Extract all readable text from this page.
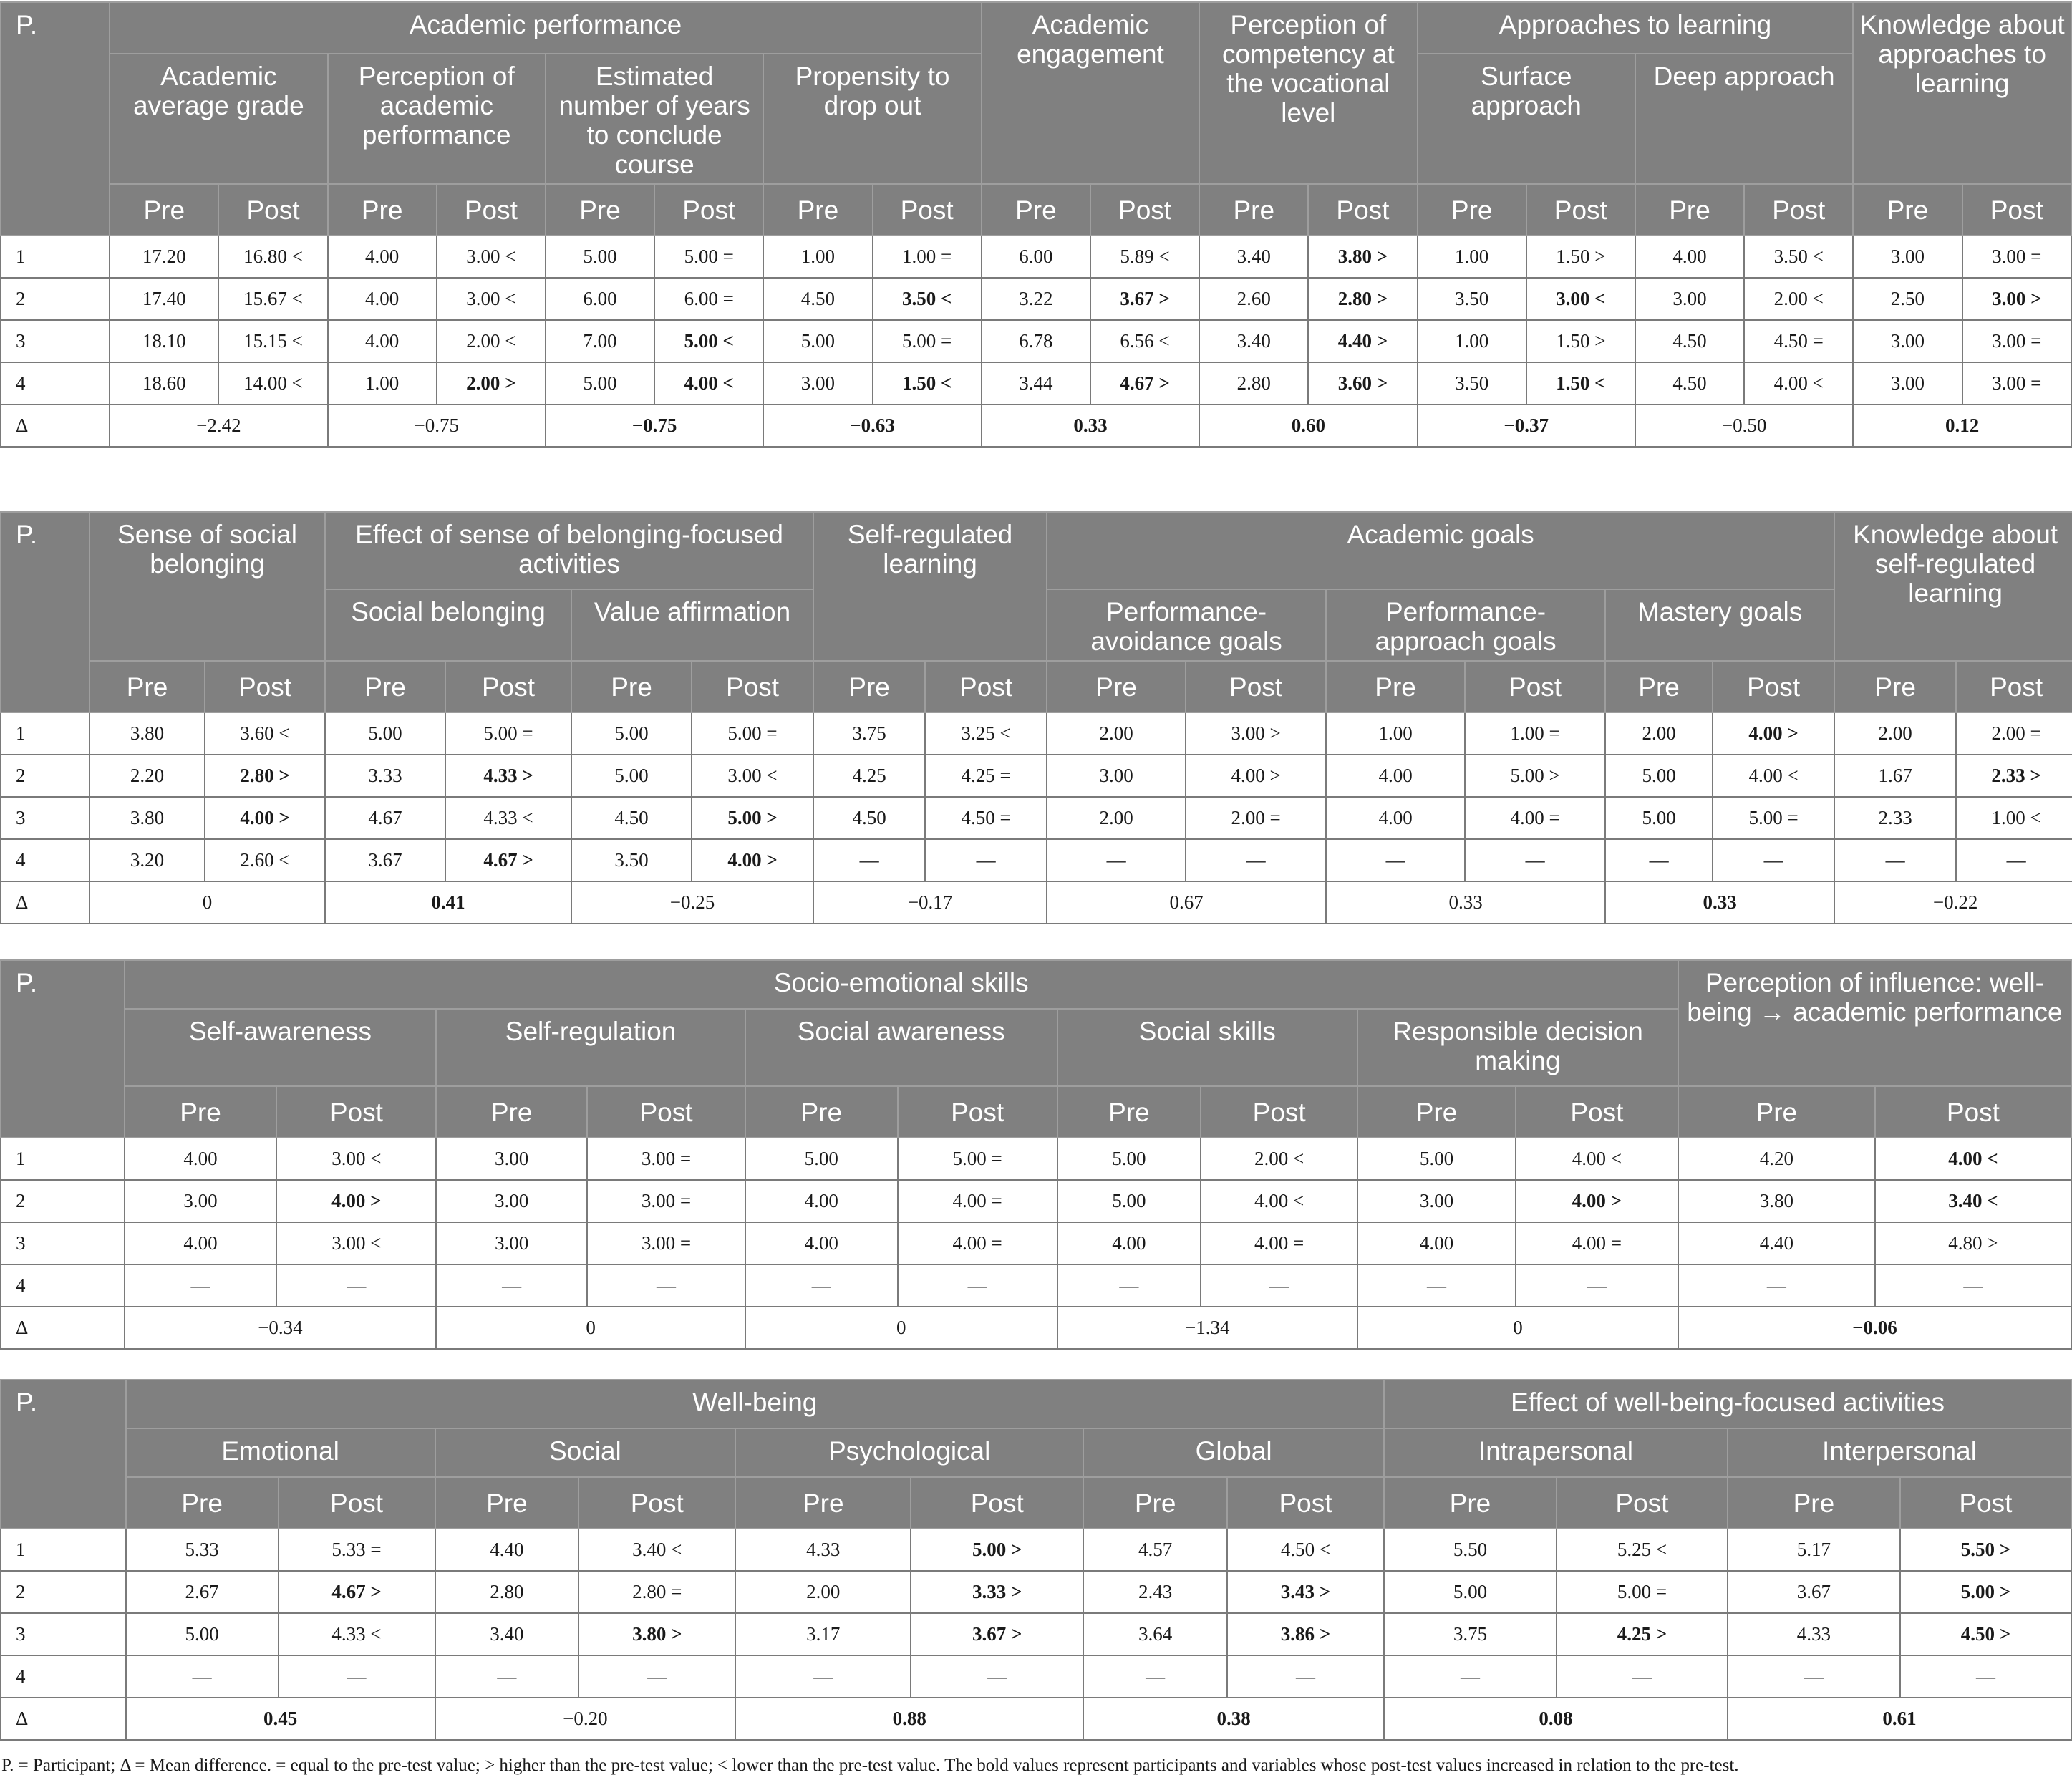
P.	Academic performance								Academic engagement		Perception of competency at the vocational level		Approaches to learning				Knowledge about approaches to learning	
	Academic average grade		Perception of academic performance		Estimated number of years to conclude course		Propensity to drop out						Surface approach		Deep approach			
	Pre	Post	Pre	Post	Pre	Post	Pre	Post	Pre	Post	Pre	Post	Pre	Post	Pre	Post	Pre	Post
1	17.20	16.80 <	4.00	3.00 <	5.00	5.00 =	1.00	1.00 =	6.00	5.89 <	3.40	3.80 >	1.00	1.50 >	4.00	3.50 <	3.00	3.00 =
2	17.40	15.67 <	4.00	3.00 <	6.00	6.00 =	4.50	3.50 <	3.22	3.67 >	2.60	2.80 >	3.50	3.00 <	3.00	2.00 <	2.50	3.00 >
3	18.10	15.15 <	4.00	2.00 <	7.00	5.00 <	5.00	5.00 =	6.78	6.56 <	3.40	4.40 >	1.00	1.50 >	4.50	4.50 =	3.00	3.00 =
4	18.60	14.00 <	1.00	2.00 >	5.00	4.00 <	3.00	1.50 <	3.44	4.67 >	2.80	3.60 >	3.50	1.50 <	4.50	4.00 <	3.00	3.00 =
Δ	−2.42		−0.75		−0.75		−0.63		0.33		0.60		−0.37		−0.50		0.12	
P.	Sense of social belonging		Effect of sense of belonging-focused activities				Self-regulated learning		Academic goals						Knowledge about self-regulated learning	
			Social belonging		Value affirmation				Performance-avoidance goals		Performance-approach goals		Mastery goals			
	Pre	Post	Pre	Post	Pre	Post	Pre	Post	Pre	Post	Pre	Post	Pre	Post	Pre	Post
1	3.80	3.60 <	5.00	5.00 =	5.00	5.00 =	3.75	3.25 <	2.00	3.00 >	1.00	1.00 =	2.00	4.00 >	2.00	2.00 =
2	2.20	2.80 >	3.33	4.33 >	5.00	3.00 <	4.25	4.25 =	3.00	4.00 >	4.00	5.00 >	5.00	4.00 <	1.67	2.33 >
3	3.80	4.00 >	4.67	4.33 <	4.50	5.00 >	4.50	4.50 =	2.00	2.00 =	4.00	4.00 =	5.00	5.00 =	2.33	1.00 <
4	3.20	2.60 <	3.67	4.67 >	3.50	4.00 >	—	—	—	—	—	—	—	—	—	—
Δ	0		0.41		−0.25		−0.17		0.67		0.33		0.33		−0.22	
P.	Socio-emotional skills										Perception of influence: well-being → academic performance	
	Self-awareness		Self-regulation		Social awareness		Social skills		Responsible decision making			
	Pre	Post	Pre	Post	Pre	Post	Pre	Post	Pre	Post	Pre	Post
1	4.00	3.00 <	3.00	3.00 =	5.00	5.00 =	5.00	2.00 <	5.00	4.00 <	4.20	4.00 <
2	3.00	4.00 >	3.00	3.00 =	4.00	4.00 =	5.00	4.00 <	3.00	4.00 >	3.80	3.40 <
3	4.00	3.00 <	3.00	3.00 =	4.00	4.00 =	4.00	4.00 =	4.00	4.00 =	4.40	4.80 >
4	—	—	—	—	—	—	—	—	—	—	—	—
Δ	−0.34		0		0		−1.34		0		−0.06	
P.	Well-being								Effect of well-being-focused activities			
	Emotional		Social		Psychological		Global		Intrapersonal		Interpersonal	
	Pre	Post	Pre	Post	Pre	Post	Pre	Post	Pre	Post	Pre	Post
1	5.33	5.33 =	4.40	3.40 <	4.33	5.00 >	4.57	4.50 <	5.50	5.25 <	5.17	5.50 >
2	2.67	4.67 >	2.80	2.80 =	2.00	3.33 >	2.43	3.43 >	5.00	5.00 =	3.67	5.00 >
3	5.00	4.33 <	3.40	3.80 >	3.17	3.67 >	3.64	3.86 >	3.75	4.25 >	4.33	4.50 >
4	—	—	—	—	—	—	—	—	—	—	—	—
Δ	0.45		−0.20		0.88		0.38		0.08		0.61	
P. = Participant; Δ = Mean difference. = equal to the pre-test value; > higher than the pre-test value; < lower than the pre-test value. The bold values represent participants and variables whose post-test values increased in relation to the pre-test.
